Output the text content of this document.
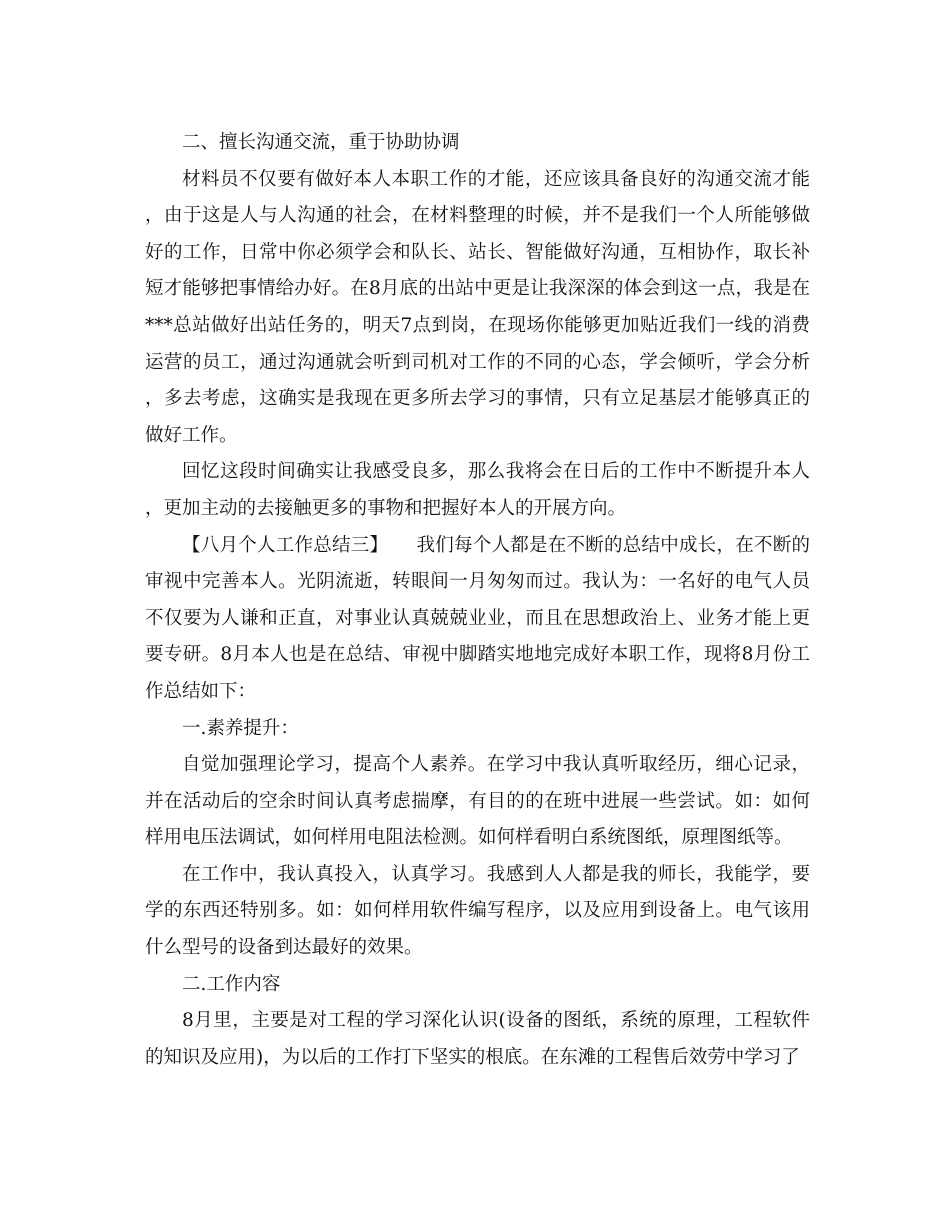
二、擅长沟通交流，重于协助协调

材料员不仅要有做好本人本职工作的才能，还应该具备良好的沟通交流才能，由于这是人与人沟通的社会，在材料整理的时候，并不是我们一个人所能够做好的工作，日常中你必须学会和队长、站长、智能做好沟通，互相协作，取长补短才能够把事情给办好。在8月底的出站中更是让我深深的体会到这一点，我是在***总站做好出站任务的，明天7点到岗，在现场你能够更加贴近我们一线的消费运营的员工，通过沟通就会听到司机对工作的不同的心态，学会倾听，学会分析，多去考虑，这确实是我现在更多所去学习的事情，只有立足基层才能够真正的做好工作。

回忆这段时间确实让我感受良多，那么我将会在日后的工作中不断提升本人，更加主动的去接触更多的事物和把握好本人的开展方向。

【八月个人工作总结三】　　我们每个人都是在不断的总结中成长，在不断的审视中完善本人。光阴流逝，转眼间一月匆匆而过。我认为：一名好的电气人员不仅要为人谦和正直，对事业认真兢兢业业，而且在思想政治上、业务才能上更要专研。8月本人也是在总结、审视中脚踏实地地完成好本职工作，现将8月份工作总结如下：

一.素养提升：

自觉加强理论学习，提高个人素养。在学习中我认真听取经历，细心记录，并在活动后的空余时间认真考虑揣摩，有目的的在班中进展一些尝试。如：如何样用电压法调试，如何样用电阻法检测。如何样看明白系统图纸，原理图纸等。

在工作中，我认真投入，认真学习。我感到人人都是我的师长，我能学，要学的东西还特别多。如：如何样用软件编写程序，以及应用到设备上。电气该用什么型号的设备到达最好的效果。

二.工作内容

8月里，主要是对工程的学习深化认识(设备的图纸，系统的原理，工程软件的知识及应用)，为以后的工作打下坚实的根底。在东滩的工程售后效劳中学习了
